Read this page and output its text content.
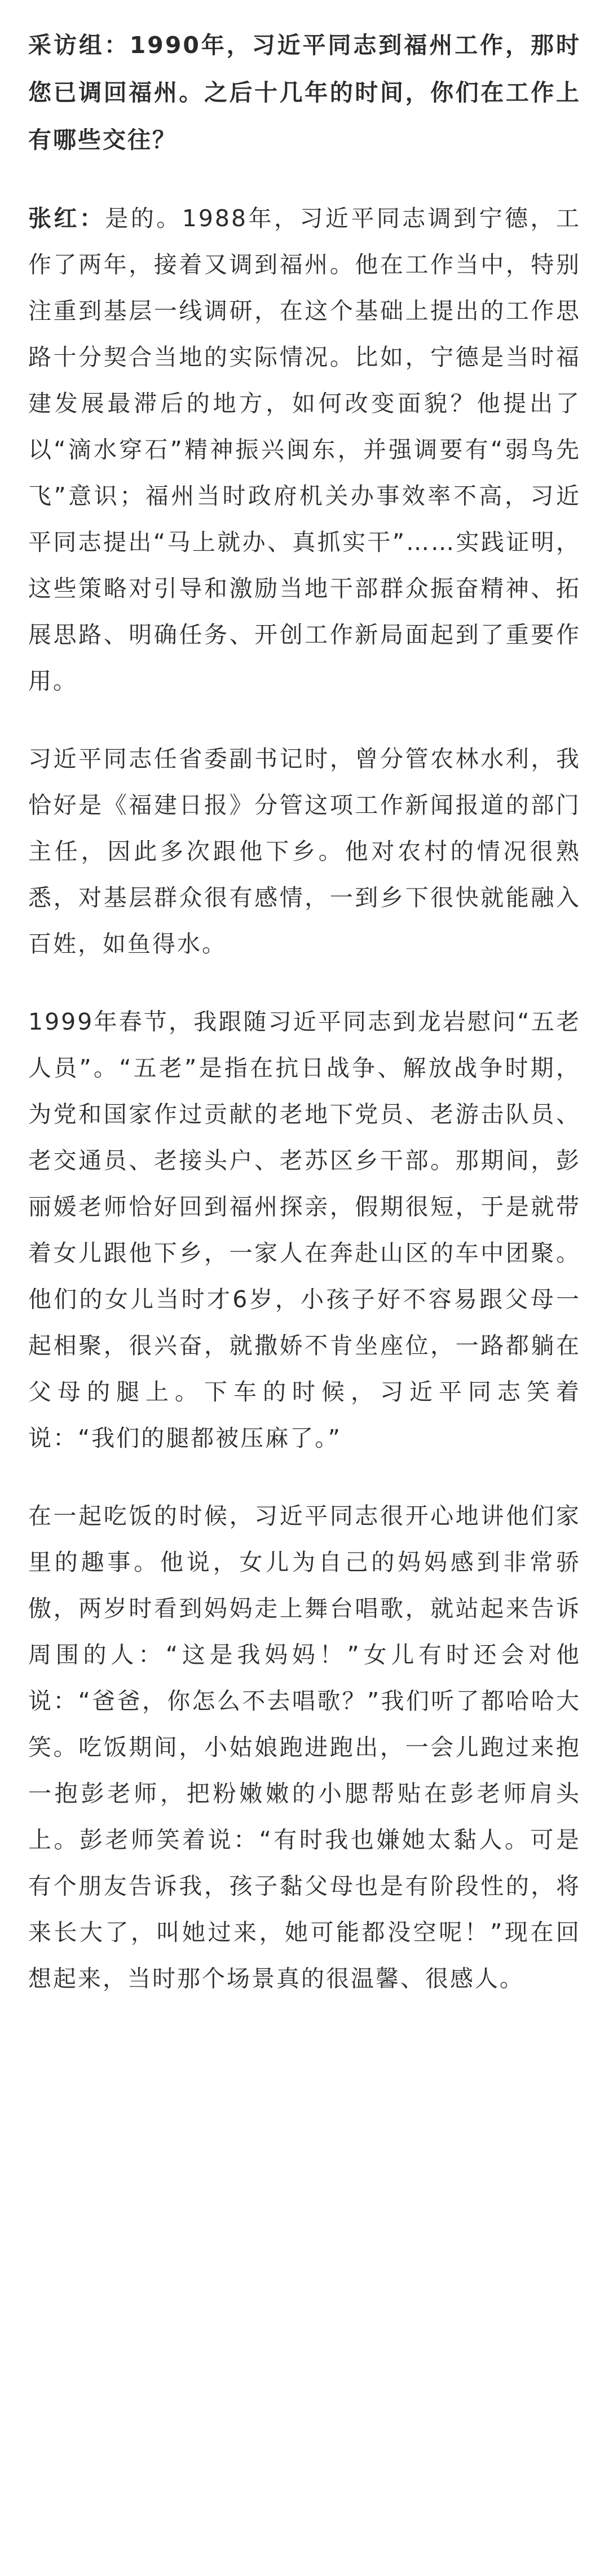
采访组：1990年，习近平同志到福州工作，那时您已调回福州。之后十几年的时间，你们在工作上有哪些交往？

张红：是的。1988年，习近平同志调到宁德，工作了两年，接着又调到福州。他在工作当中，特别注重到基层一线调研，在这个基础上提出的工作思路十分契合当地的实际情况。比如，宁德是当时福建发展最滞后的地方，如何改变面貌？他提出了以“滴水穿石”精神振兴闽东，并强调要有“弱鸟先飞”意识；福州当时政府机关办事效率不高，习近平同志提出“马上就办、真抓实干”……实践证明，这些策略对引导和激励当地干部群众振奋精神、拓展思路、明确任务、开创工作新局面起到了重要作用。

习近平同志任省委副书记时，曾分管农林水利，我恰好是《福建日报》分管这项工作新闻报道的部门主任，因此多次跟他下乡。他对农村的情况很熟悉，对基层群众很有感情，一到乡下很快就能融入百姓，如鱼得水。

1999年春节，我跟随习近平同志到龙岩慰问“五老人员”。“五老”是指在抗日战争、解放战争时期，为党和国家作过贡献的老地下党员、老游击队员、老交通员、老接头户、老苏区乡干部。那期间，彭丽媛老师恰好回到福州探亲，假期很短，于是就带着女儿跟他下乡，一家人在奔赴山区的车中团聚。他们的女儿当时才6岁，小孩子好不容易跟父母一起相聚，很兴奋，就撒娇不肯坐座位，一路都躺在父母的腿上。下车的时候，习近平同志笑着说：“我们的腿都被压麻了。”

在一起吃饭的时候，习近平同志很开心地讲他们家里的趣事。他说，女儿为自己的妈妈感到非常骄傲，两岁时看到妈妈走上舞台唱歌，就站起来告诉周围的人：“这是我妈妈！”女儿有时还会对他说：“爸爸，你怎么不去唱歌？”我们听了都哈哈大笑。吃饭期间，小姑娘跑进跑出，一会儿跑过来抱一抱彭老师，把粉嫩嫩的小腮帮贴在彭老师肩头上。彭老师笑着说：“有时我也嫌她太黏人。可是有个朋友告诉我，孩子黏父母也是有阶段性的，将来长大了，叫她过来，她可能都没空呢！”现在回想起来，当时那个场景真的很温馨、很感人。
